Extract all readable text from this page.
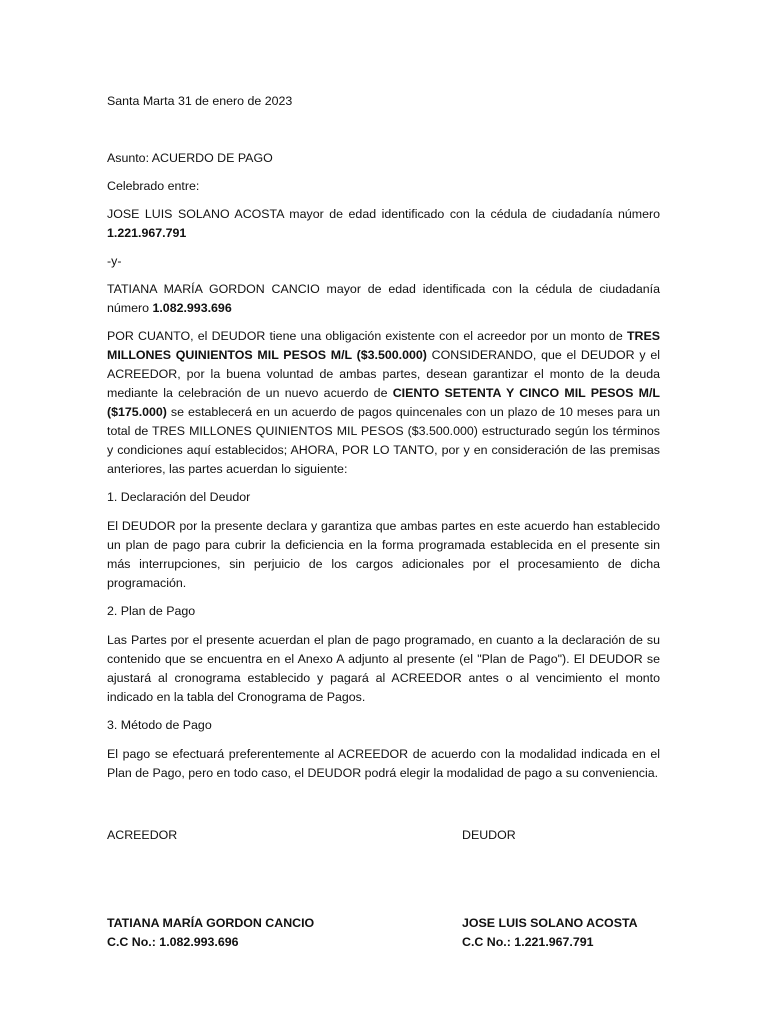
Santa Marta 31 de enero de 2023

Asunto: ACUERDO DE PAGO

Celebrado entre:

JOSE LUIS SOLANO ACOSTA mayor de edad identificado con la cédula de ciudadanía número 1.221.967.791

-y-

TATIANA MARÍA GORDON CANCIO mayor de edad identificada con la cédula de ciudadanía número 1.082.993.696

POR CUANTO, el DEUDOR tiene una obligación existente con el acreedor por un monto de TRES MILLONES QUINIENTOS MIL PESOS M/L ($3.500.000) CONSIDERANDO, que el DEUDOR y el ACREEDOR, por la buena voluntad de ambas partes, desean garantizar el monto de la deuda mediante la celebración de un nuevo acuerdo de CIENTO SETENTA Y CINCO MIL PESOS M/L ($175.000) se establecerá en un acuerdo de pagos quincenales con un plazo de 10 meses para un total de TRES MILLONES QUINIENTOS MIL PESOS ($3.500.000) estructurado según los términos y condiciones aquí establecidos; AHORA, POR LO TANTO, por y en consideración de las premisas anteriores, las partes acuerdan lo siguiente:

1. Declaración del Deudor

El DEUDOR por la presente declara y garantiza que ambas partes en este acuerdo han establecido un plan de pago para cubrir la deficiencia en la forma programada establecida en el presente sin más interrupciones, sin perjuicio de los cargos adicionales por el procesamiento de dicha programación.

2. Plan de Pago

Las Partes por el presente acuerdan el plan de pago programado, en cuanto a la declaración de su contenido que se encuentra en el Anexo A adjunto al presente (el "Plan de Pago"). El DEUDOR se ajustará al cronograma establecido y pagará al ACREEDOR antes o al vencimiento el monto indicado en la tabla del Cronograma de Pagos.

3. Método de Pago

El pago se efectuará preferentemente al ACREEDOR de acuerdo con la modalidad indicada en el Plan de Pago, pero en todo caso, el DEUDOR podrá elegir la modalidad de pago a su conveniencia.

ACREEDOR
TATIANA MARÍA GORDON CANCIO
C.C No.: 1.082.993.696
DEUDOR
JOSE LUIS SOLANO ACOSTA
C.C No.: 1.221.967.791
